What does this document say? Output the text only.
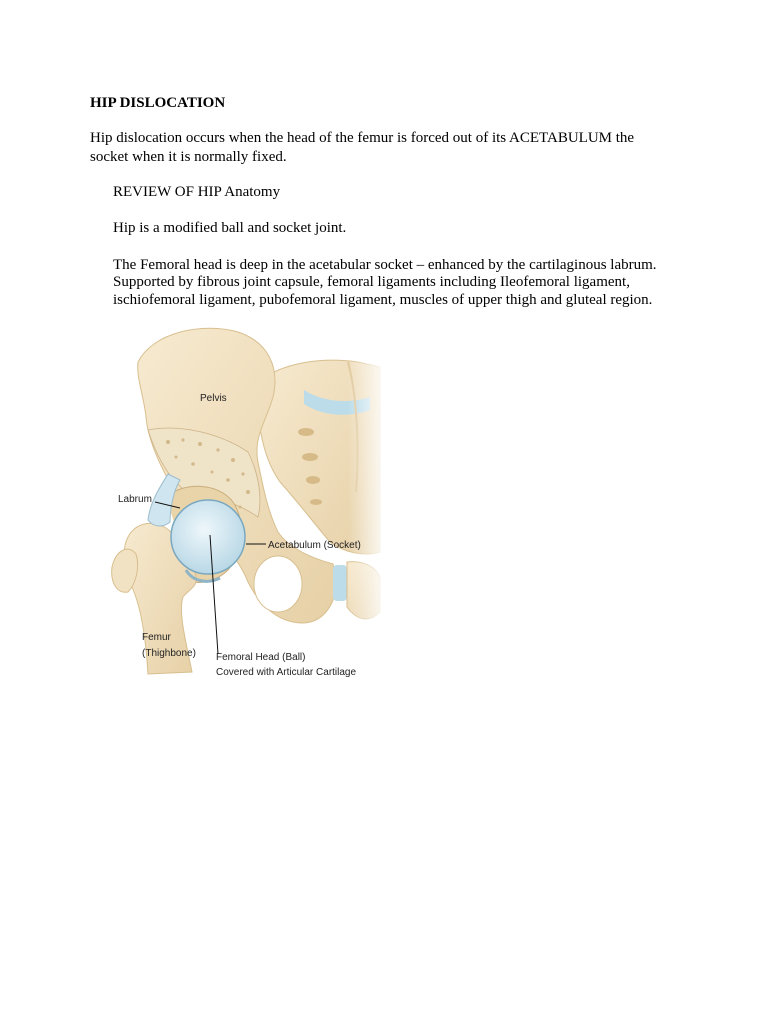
HIP DISLOCATION
Hip dislocation occurs when the head of the femur is forced out of its ACETABULUM the
socket when it is normally fixed.
REVIEW OF HIP Anatomy
Hip is a modified ball and socket joint.
The Femoral head is deep in the acetabular socket – enhanced by the cartilaginous labrum.
Supported by fibrous joint capsule, femoral ligaments including Ileofemoral ligament,
ischiofemoral ligament, pubofemoral ligament, muscles of upper thigh and gluteal region.
Pelvis
Labrum
Acetabulum (Socket)
Femur
(Thighbone) Femoral Head (Ball)
Covered with Articular Cartilage
